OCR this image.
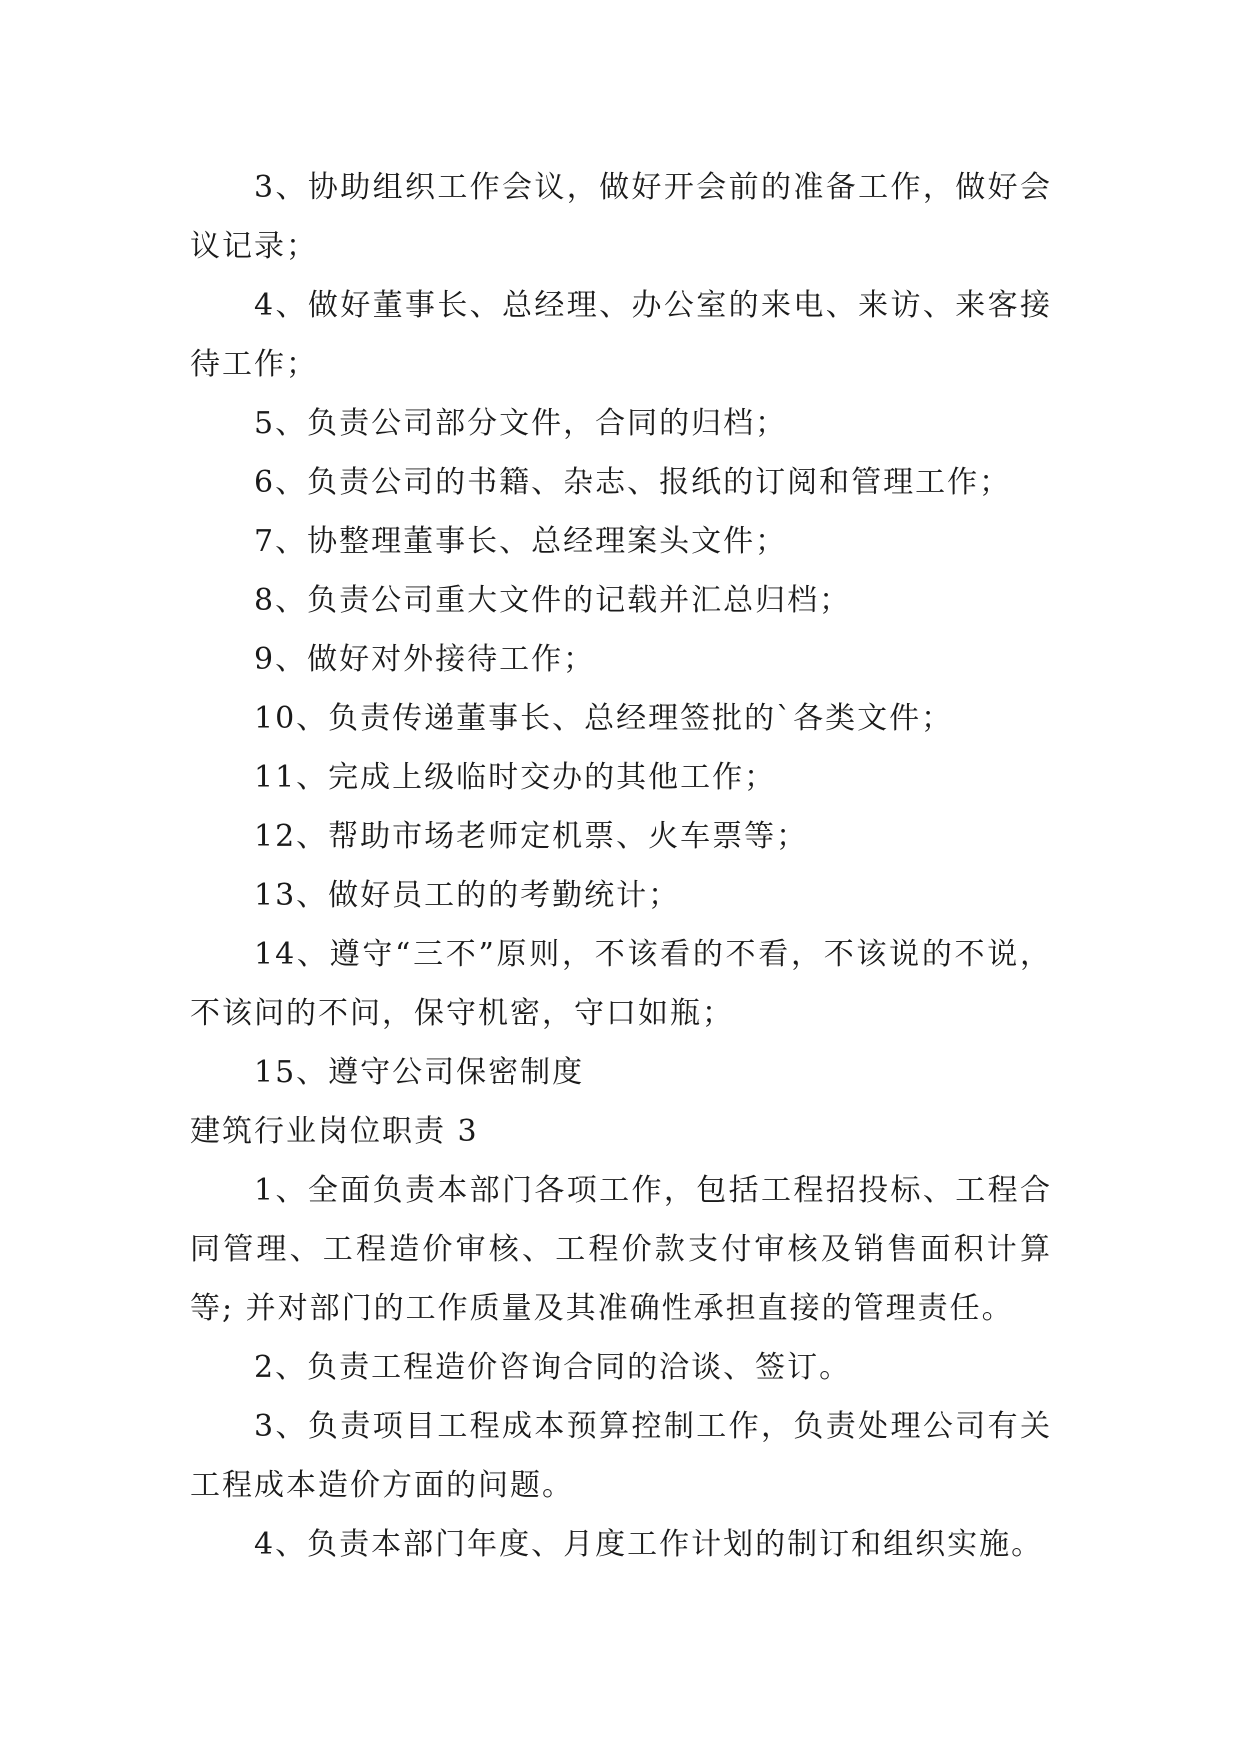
3、协助组织工作会议，做好开会前的准备工作，做好会议记录；

4、做好董事长、总经理、办公室的来电、来访、来客接待工作；

5、负责公司部分文件，合同的归档；

6、负责公司的书籍、杂志、报纸的订阅和管理工作；

7、协整理董事长、总经理案头文件；

8、负责公司重大文件的记载并汇总归档；

9、做好对外接待工作；

10、负责传递董事长、总经理签批的`各类文件；

11、完成上级临时交办的其他工作；

12、帮助市场老师定机票、火车票等；

13、做好员工的的考勤统计；

14、遵守“三不”原则，不该看的不看，不该说的不说，不该问的不问，保守机密，守口如瓶；

15、遵守公司保密制度

建筑行业岗位职责 3

1、全面负责本部门各项工作，包括工程招投标、工程合同管理、工程造价审核、工程价款支付审核及销售面积计算等; 并对部门的工作质量及其准确性承担直接的管理责任。

2、负责工程造价咨询合同的洽谈、签订。

3、负责项目工程成本预算控制工作，负责处理公司有关工程成本造价方面的问题。

4、负责本部门年度、月度工作计划的制订和组织实施。
